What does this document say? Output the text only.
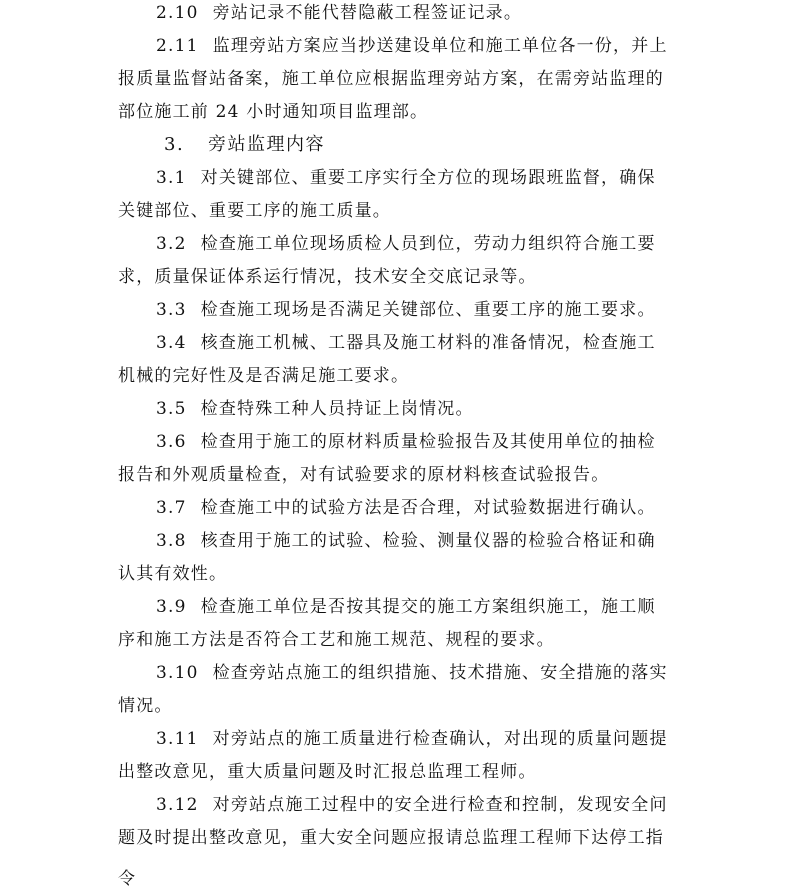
2.10 旁站记录不能代替隐蔽工程签证记录。
2.11 监理旁站方案应当抄送建设单位和施工单位各一份，并上
报质量监督站备案，施工单位应根据监理旁站方案，在需旁站监理的
部位施工前 24 小时通知项目监理部。
3. 旁站监理内容
3.1 对关键部位、重要工序实行全方位的现场跟班监督，确保
关键部位、重要工序的施工质量。
3.2 检查施工单位现场质检人员到位，劳动力组织符合施工要
求，质量保证体系运行情况，技术安全交底记录等。
3.3 检查施工现场是否满足关键部位、重要工序的施工要求。
3.4 核查施工机械、工器具及施工材料的准备情况，检查施工
机械的完好性及是否满足施工要求。
3.5 检查特殊工种人员持证上岗情况。
3.6 检查用于施工的原材料质量检验报告及其使用单位的抽检
报告和外观质量检查，对有试验要求的原材料核查试验报告。
3.7 检查施工中的试验方法是否合理，对试验数据进行确认。
3.8 核查用于施工的试验、检验、测量仪器的检验合格证和确
认其有效性。
3.9 检查施工单位是否按其提交的施工方案组织施工，施工顺
序和施工方法是否符合工艺和施工规范、规程的要求。
3.10 检查旁站点施工的组织措施、技术措施、安全措施的落实
情况。
3.11 对旁站点的施工质量进行检查确认，对出现的质量问题提
出整改意见，重大质量问题及时汇报总监理工程师。
3.12 对旁站点施工过程中的安全进行检查和控制，发现安全问
题及时提出整改意见，重大安全问题应报请总监理工程师下达停工指
令
